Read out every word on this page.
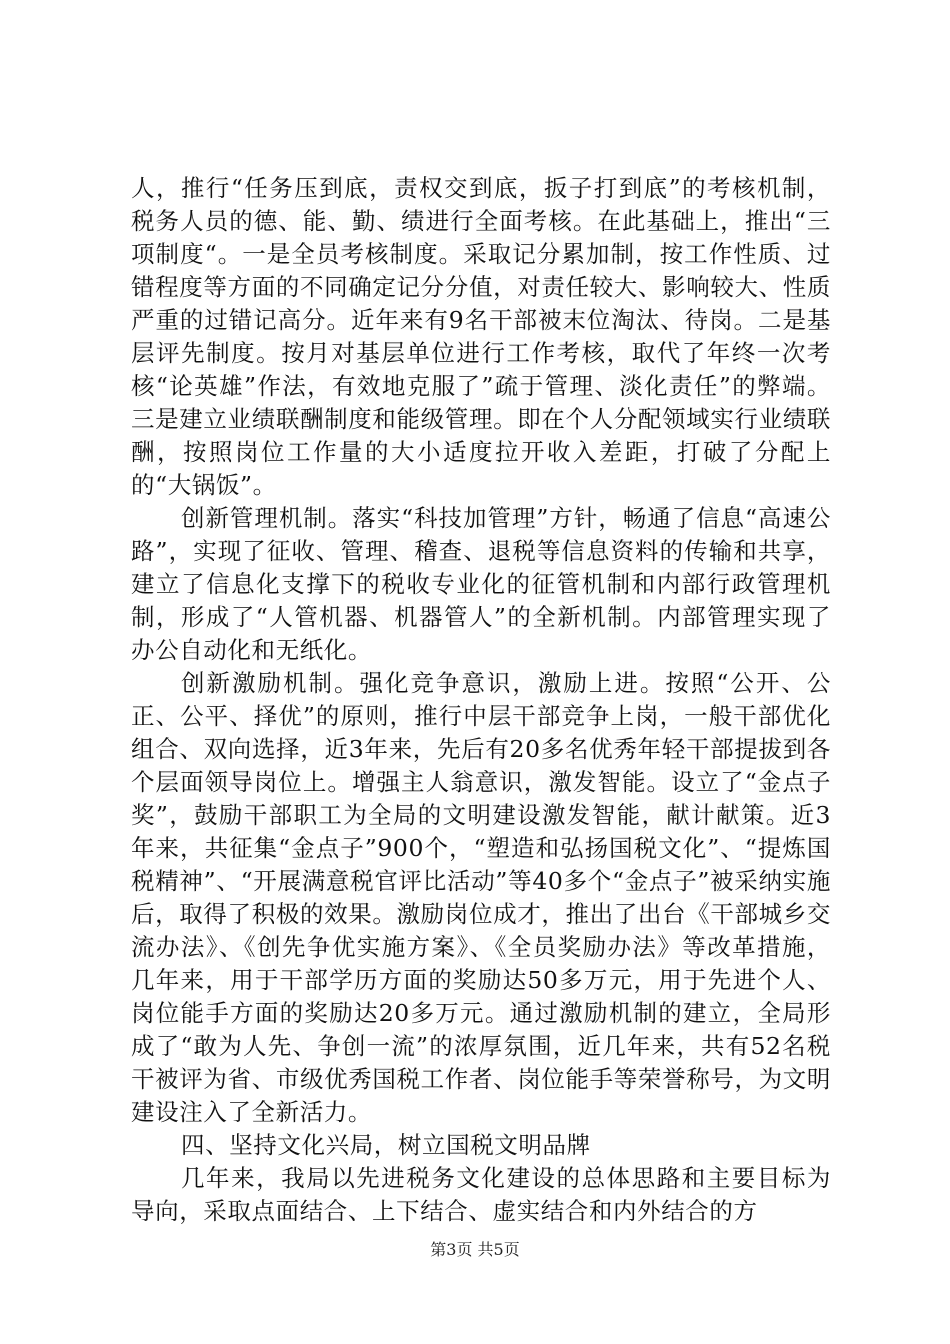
人，推行“任务压到底，责权交到底，扳子打到底”的考核机制，税务人员的德、能、勤、绩进行全面考核。在此基础上，推出“三项制度“。一是全员考核制度。采取记分累加制，按工作性质、过错程度等方面的不同确定记分分值，对责任较大、影响较大、性质严重的过错记高分。近年来有9名干部被末位淘汰、待岗。二是基层评先制度。按月对基层单位进行工作考核，取代了年终一次考核“论英雄”作法，有效地克服了”疏于管理、淡化责任”的弊端。三是建立业绩联酬制度和能级管理。即在个人分配领域实行业绩联酬，按照岗位工作量的大小适度拉开收入差距，打破了分配上的“大锅饭”。

创新管理机制。落实“科技加管理”方针，畅通了信息“高速公路”，实现了征收、管理、稽查、退税等信息资料的传输和共享，建立了信息化支撑下的税收专业化的征管机制和内部行政管理机制，形成了“人管机器、机器管人”的全新机制。内部管理实现了办公自动化和无纸化。

创新激励机制。强化竞争意识，激励上进。按照“公开、公正、公平、择优”的原则，推行中层干部竞争上岗，一般干部优化组合、双向选择，近3年来，先后有20多名优秀年轻干部提拔到各个层面领导岗位上。增强主人翁意识，激发智能。设立了“金点子奖”，鼓励干部职工为全局的文明建设激发智能，献计献策。近3年来，共征集“金点子”900个，“塑造和弘扬国税文化”、“提炼国税精神”、“开展满意税官评比活动”等40多个“金点子”被采纳实施后，取得了积极的效果。激励岗位成才，推出了出台《干部城乡交流办法》、《创先争优实施方案》、《全员奖励办法》等改革措施，几年来，用于干部学历方面的奖励达50多万元，用于先进个人、岗位能手方面的奖励达20多万元。通过激励机制的建立，全局形成了“敢为人先、争创一流”的浓厚氛围，近几年来，共有52名税干被评为省、市级优秀国税工作者、岗位能手等荣誉称号，为文明建设注入了全新活力。

四、坚持文化兴局，树立国税文明品牌

几年来，我局以先进税务文化建设的总体思路和主要目标为导向，采取点面结合、上下结合、虚实结合和内外结合的方

第3页 共5页
